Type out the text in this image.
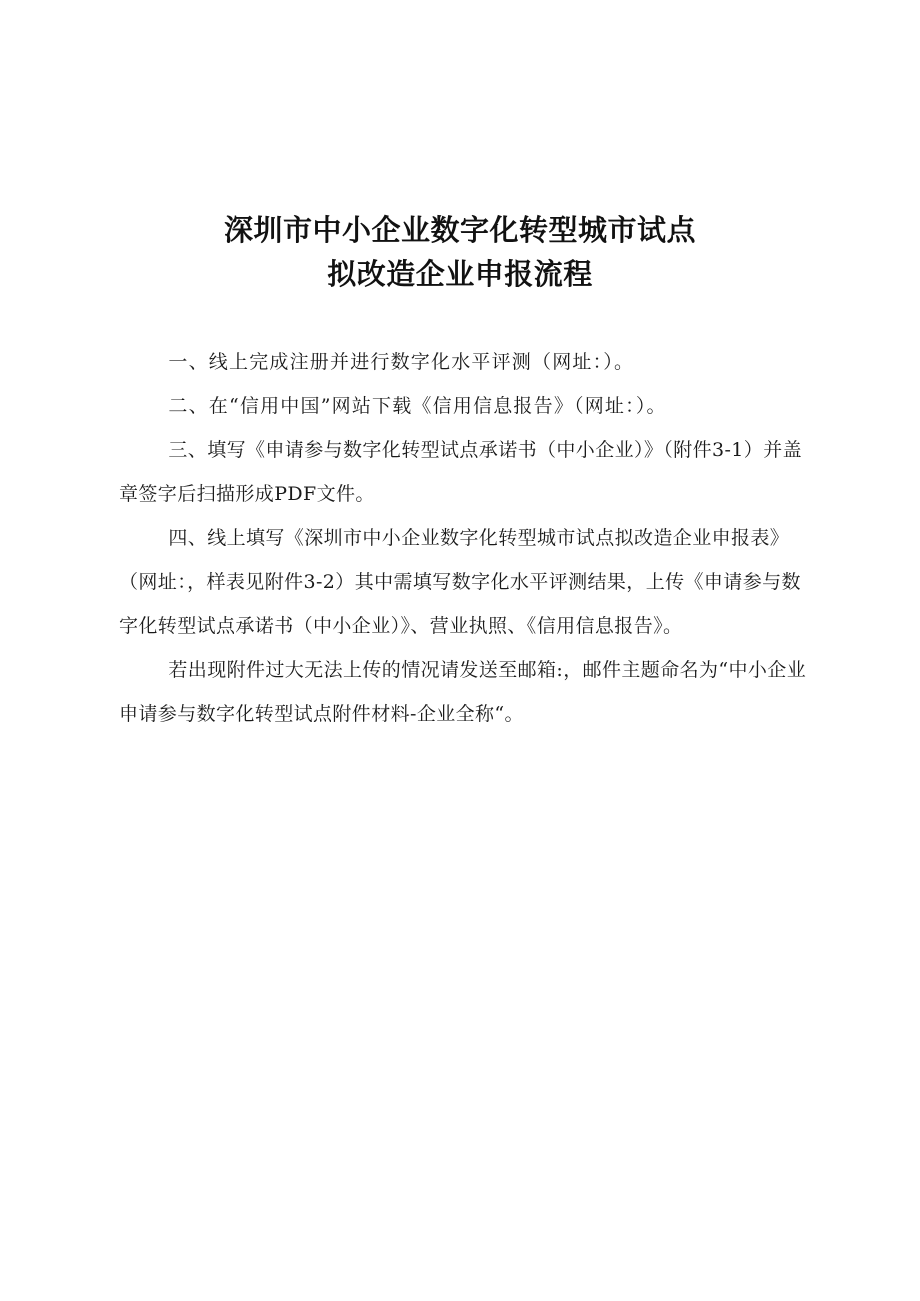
深圳市中小企业数字化转型城市试点
拟改造企业申报流程

一、线上完成注册并进行数字化水平评测（网址：）。

二、在“信用中国”网站下载《信用信息报告》（网址：）。

三、填写《申请参与数字化转型试点承诺书（中小企业）》（附件3-1）并盖章签字后扫描形成PDF文件。

四、线上填写《深圳市中小企业数字化转型城市试点拟改造企业申报表》（网址：，样表见附件3-2）其中需填写数字化水平评测结果，上传《申请参与数字化转型试点承诺书（中小企业）》、营业执照、《信用信息报告》。

若出现附件过大无法上传的情况请发送至邮箱:，邮件主题命名为“中小企业申请参与数字化转型试点附件材料-企业全称“。
